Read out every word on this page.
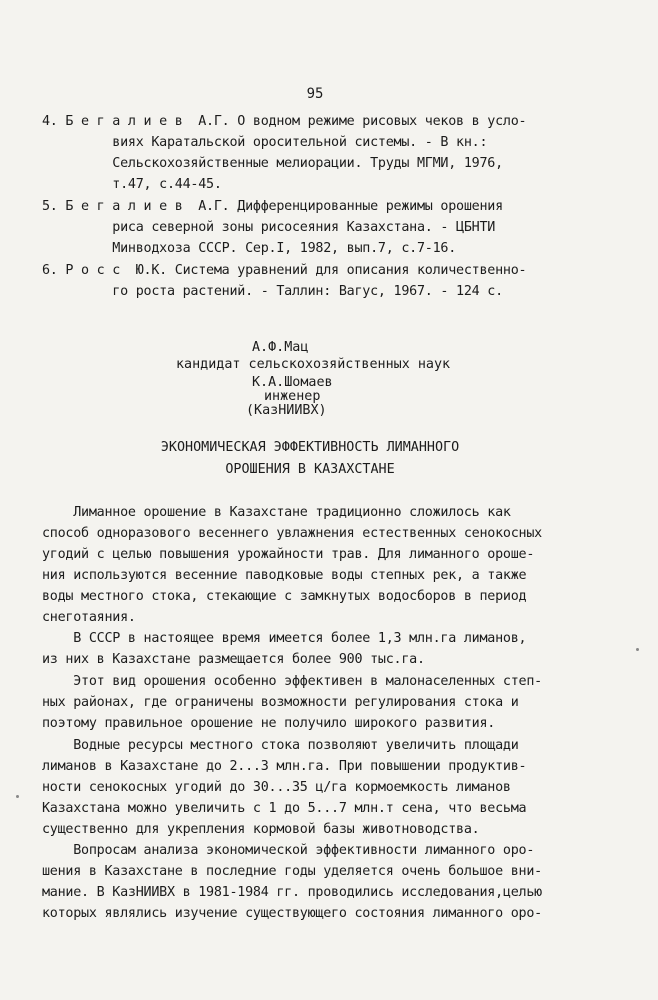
95
4. Б е г а л и е в  А.Г. О водном режиме рисовых чеков в усло-
виях Каратальской оросительной системы. - В кн.:
Сельскохозяйственные мелиорации. Труды МГМИ, 1976,
т.47, с.44-45.
5. Б е г а л и е в  А.Г. Дифференцированные режимы орошения
риса северной зоны рисосеяния Казахстана. - ЦБНТИ
Минводхоза СССР. Сер.I, 1982, вып.7, с.7-16.
6. Р о с с  Ю.К. Система уравнений для описания количественно-
го роста растений. - Таллин: Вагус, 1967. - 124 с.
А.Ф.Мац
кандидат сельскохозяйственных наук
К.А.Шомаев
инженер
(КазНИИВХ)
ЭКОНОМИЧЕСКАЯ ЭФФЕКТИВНОСТЬ ЛИМАННОГО
ОРОШЕНИЯ В КАЗАХСТАНЕ
Лиманное орошение в Казахстане традиционно сложилось как
способ одноразового весеннего увлажнения естественных сенокосных
угодий с целью повышения урожайности трав. Для лиманного ороше-
ния используются весенние паводковые воды степных рек, а также
воды местного стока, стекающие с замкнутых водосборов в период
снеготаяния.
В СССР в настоящее время имеется более 1,3 млн.га лиманов,
из них в Казахстане размещается более 900 тыс.га.
Этот вид орошения особенно эффективен в малонаселенных степ-
ных районах, где ограничены возможности регулирования стока и
поэтому правильное орошение не получило широкого развития.
Водные ресурсы местного стока позволяют увеличить площади
лиманов в Казахстане до 2...3 млн.га. При повышении продуктив-
ности сенокосных угодий до 30...35 ц/га кормоемкость лиманов
Казахстана можно увеличить с 1 до 5...7 млн.т сена, что весьма
существенно для укрепления кормовой базы животноводства.
Вопросам анализа экономической эффективности лиманного оро-
шения в Казахстане в последние годы уделяется очень большое вни-
мание. В КазНИИВХ в 1981-1984 гг. проводились исследования,целью
которых являлись изучение существующего состояния лиманного оро-
